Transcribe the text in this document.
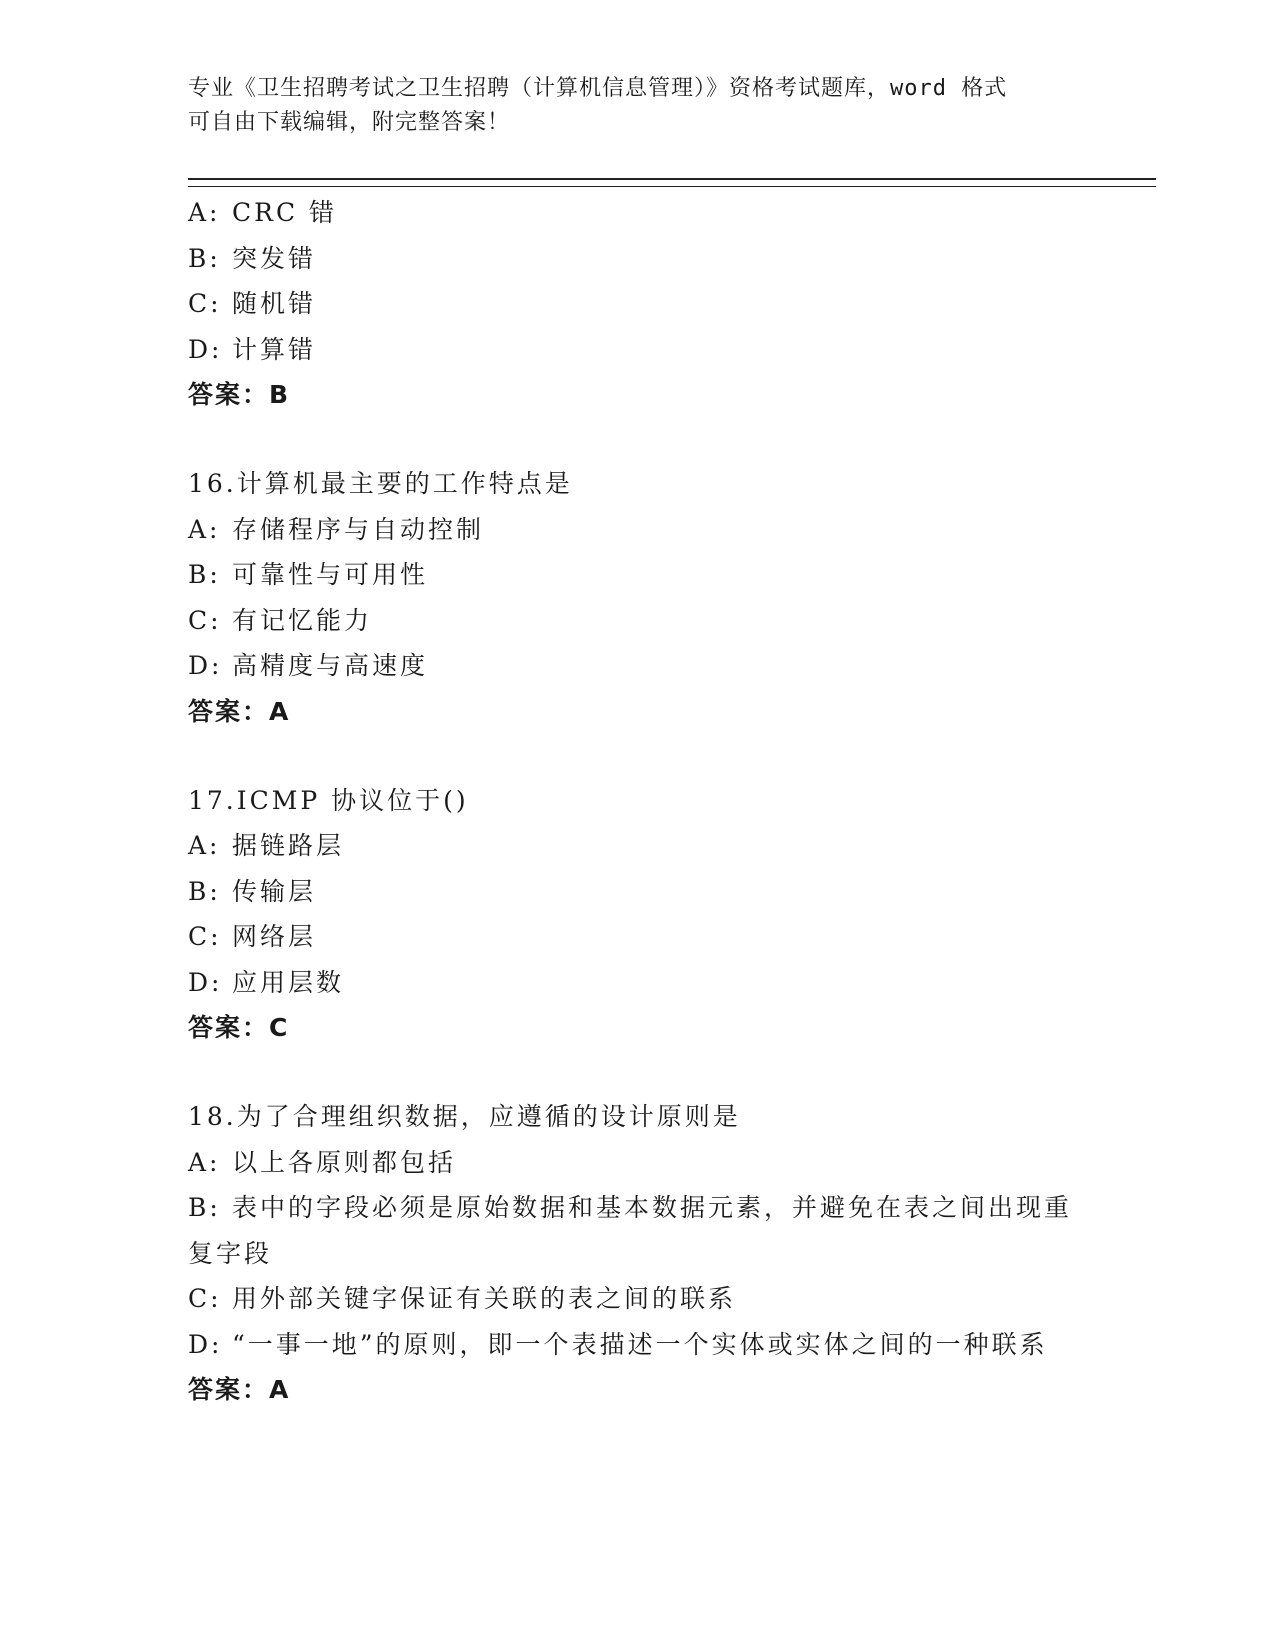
专业《卫生招聘考试之卫生招聘（计算机信息管理）》资格考试题库，word 格式
可自由下载编辑，附完整答案！
A: CRC 错
B: 突发错
C: 随机错
D: 计算错
答案：B
16.计算机最主要的工作特点是
A: 存储程序与自动控制
B: 可靠性与可用性
C: 有记忆能力
D: 高精度与高速度
答案：A
17.ICMP 协议位于()
A: 据链路层
B: 传输层
C: 网络层
D: 应用层数
答案：C
18.为了合理组织数据，应遵循的设计原则是
A: 以上各原则都包括
B: 表中的字段必须是原始数据和基本数据元素，并避免在表之间出现重复字段
C: 用外部关键字保证有关联的表之间的联系
D: “一事一地”的原则，即一个表描述一个实体或实体之间的一种联系
答案：A
